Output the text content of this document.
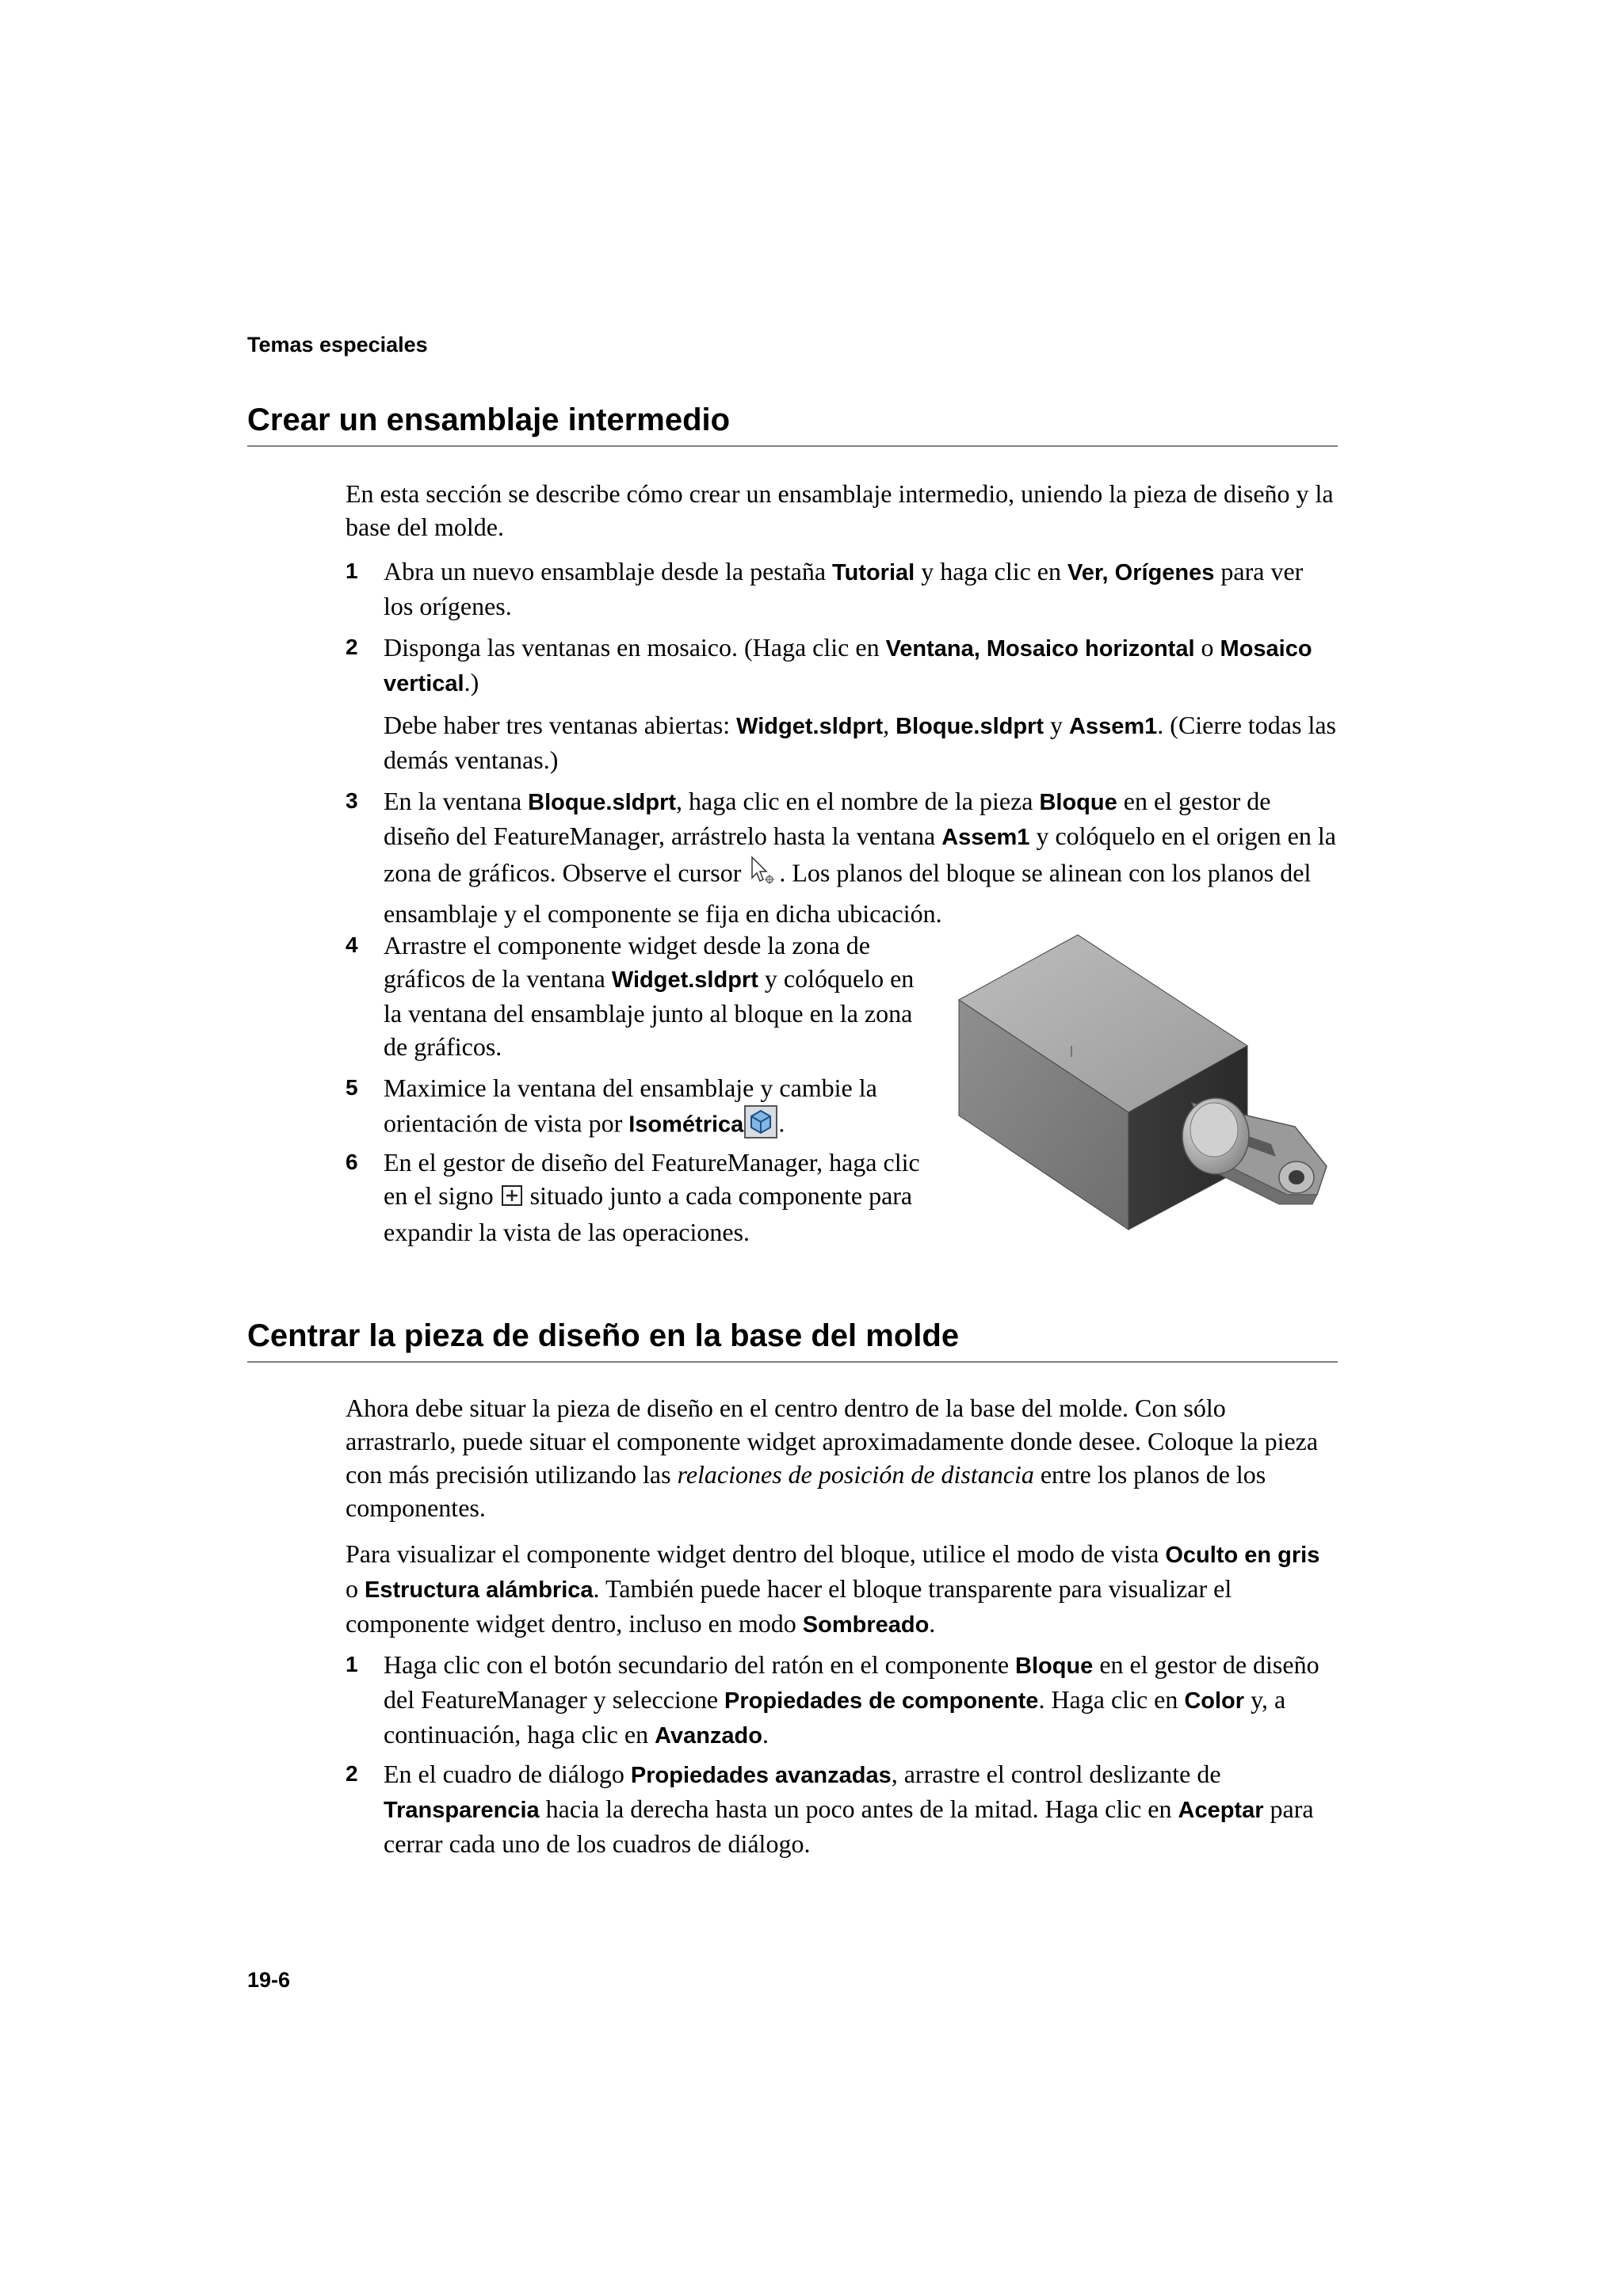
Temas especiales
Crear un ensamblaje intermedio

En esta sección se describe cómo crear un ensamblaje intermedio, uniendo la pieza de diseño y la base del molde.

1 Abra un nuevo ensamblaje desde la pestaña Tutorial y haga clic en Ver, Orígenes para ver los orígenes.
2 Disponga las ventanas en mosaico. (Haga clic en Ventana, Mosaico horizontal o Mosaico vertical.)
Debe haber tres ventanas abiertas: Widget.sldprt, Bloque.sldprt y Assem1. (Cierre todas las demás ventanas.)
3 En la ventana Bloque.sldprt, haga clic en el nombre de la pieza Bloque en el gestor de diseño del FeatureManager, arrástrelo hasta la ventana Assem1 y colóquelo en el origen en la zona de gráficos. Observe el cursor . Los planos del bloque se alinean con los planos del ensamblaje y el componente se fija en dicha ubicación.
4 Arrastre el componente widget desde la zona de gráficos de la ventana Widget.sldprt y colóquelo en la ventana del ensamblaje junto al bloque en la zona de gráficos.
5 Maximice la ventana del ensamblaje y cambie la orientación de vista por Isométrica .
6 En el gestor de diseño del FeatureManager, haga clic en el signo  situado junto a cada componente para expandir la vista de las operaciones.
Centrar la pieza de diseño en la base del molde

Ahora debe situar la pieza de diseño en el centro dentro de la base del molde. Con sólo arrastrarlo, puede situar el componente widget aproximadamente donde desee. Coloque la pieza con más precisión utilizando las relaciones de posición de distancia entre los planos de los componentes.

Para visualizar el componente widget dentro del bloque, utilice el modo de vista Oculto en gris o Estructura alámbrica. También puede hacer el bloque transparente para visualizar el componente widget dentro, incluso en modo Sombreado.

1 Haga clic con el botón secundario del ratón en el componente Bloque en el gestor de diseño del FeatureManager y seleccione Propiedades de componente. Haga clic en Color y, a continuación, haga clic en Avanzado.
2 En el cuadro de diálogo Propiedades avanzadas, arrastre el control deslizante de Transparencia hacia la derecha hasta un poco antes de la mitad. Haga clic en Aceptar para cerrar cada uno de los cuadros de diálogo.
19-6
